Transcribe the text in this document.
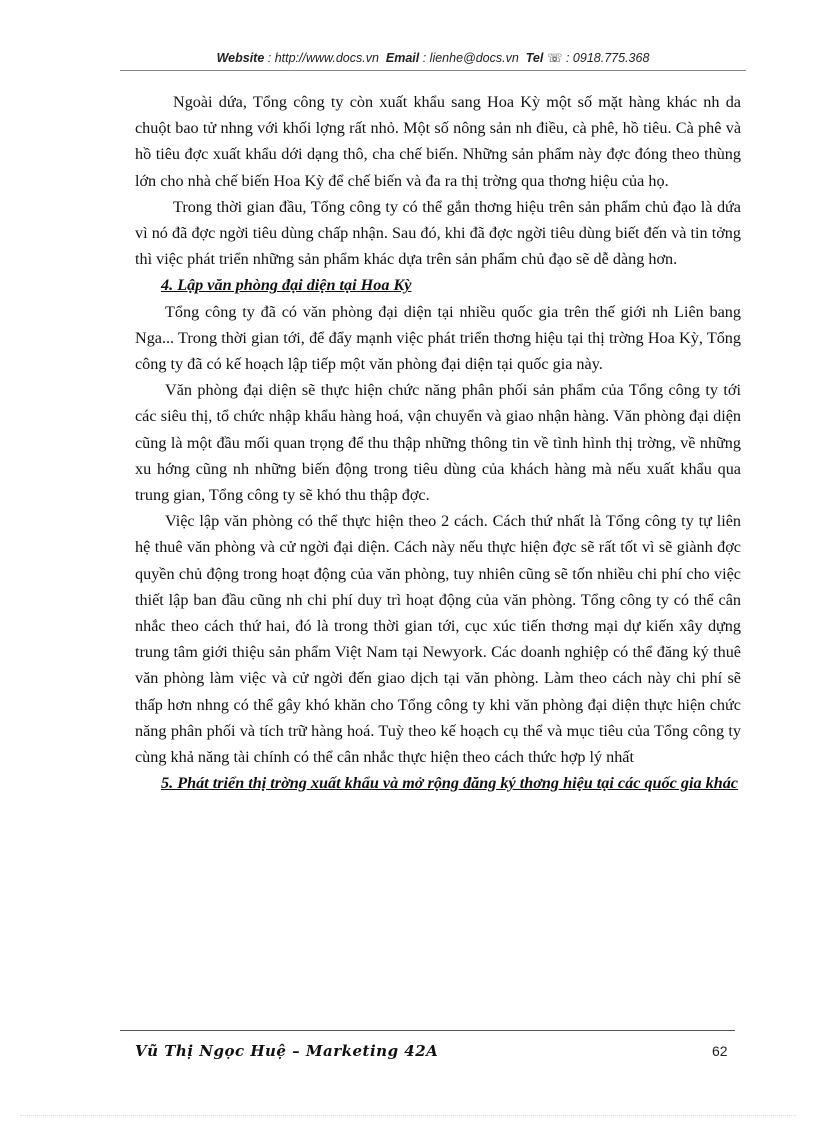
Website : http://www.docs.vn Email : lienhe@docs.vn Tel ☏ : 0918.775.368

Ngoài dứa, Tổng công ty còn xuất khẩu sang Hoa Kỳ một số mặt hàng khác nh da chuột bao tử nhng với khối lợng rất nhỏ. Một số nông sản nh điều, cà phê, hồ tiêu. Cà phê và hồ tiêu đợc xuất khẩu dới dạng thô, cha chế biến. Những sản phẩm này đợc đóng theo thùng lớn cho nhà chế biến Hoa Kỳ để chế biến và đa ra thị trờng qua thơng hiệu của họ.

Trong thời gian đầu, Tổng công ty có thể gắn thơng hiệu trên sản phẩm chủ đạo là dứa vì nó đã đợc ngời tiêu dùng chấp nhận. Sau đó, khi đã đợc ngời tiêu dùng biết đến và tin tởng thì việc phát triển những sản phẩm khác dựa trên sản phẩm chủ đạo sẽ dễ dàng hơn.

4. Lập văn phòng đại diện tại Hoa Kỳ

Tổng công ty đã có văn phòng đại diện tại nhiều quốc gia trên thế giới nh Liên bang Nga... Trong thời gian tới, để đẩy mạnh việc phát triển thơng hiệu tại thị trờng Hoa Kỳ, Tổng công ty đã có kế hoạch lập tiếp một văn phòng đại diện tại quốc gia này.

Văn phòng đại diện sẽ thực hiện chức năng phân phối sản phẩm của Tổng công ty tới các siêu thị, tổ chức nhập khẩu hàng hoá, vận chuyển và giao nhận hàng. Văn phòng đại diện cũng là một đầu mối quan trọng để thu thập những thông tin về tình hình thị trờng, về những xu hớng cũng nh những biến động trong tiêu dùng của khách hàng mà nếu xuất khẩu qua trung gian, Tổng công ty sẽ khó thu thập đợc.

Việc lập văn phòng có thể thực hiện theo 2 cách. Cách thứ nhất là Tổng công ty tự liên hệ thuê văn phòng và cử ngời đại diện. Cách này nếu thực hiện đợc sẽ rất tốt vì sẽ giành đợc quyền chủ động trong hoạt động của văn phòng, tuy nhiên cũng sẽ tốn nhiều chi phí cho việc thiết lập ban đầu cũng nh chi phí duy trì hoạt động của văn phòng. Tổng công ty có thể cân nhắc theo cách thứ hai, đó là trong thời gian tới, cục xúc tiến thơng mại dự kiến xây dựng trung tâm giới thiệu sản phẩm Việt Nam tại Newyork. Các doanh nghiệp có thể đăng ký thuê văn phòng làm việc và cử ngời đến giao dịch tại văn phòng. Làm theo cách này chi phí sẽ thấp hơn nhng có thể gây khó khăn cho Tổng công ty khi văn phòng đại diện thực hiện chức năng phân phối và tích trữ hàng hoá. Tuỳ theo kế hoạch cụ thể và mục tiêu của Tổng công ty cùng khả năng tài chính có thể cân nhắc thực hiện theo cách thức hợp lý nhất

5. Phát triển thị trờng xuất khẩu và mở rộng đăng ký thơng hiệu tại các quốc gia khác

Vũ Thị Ngọc Huệ – Marketing 42A	62
